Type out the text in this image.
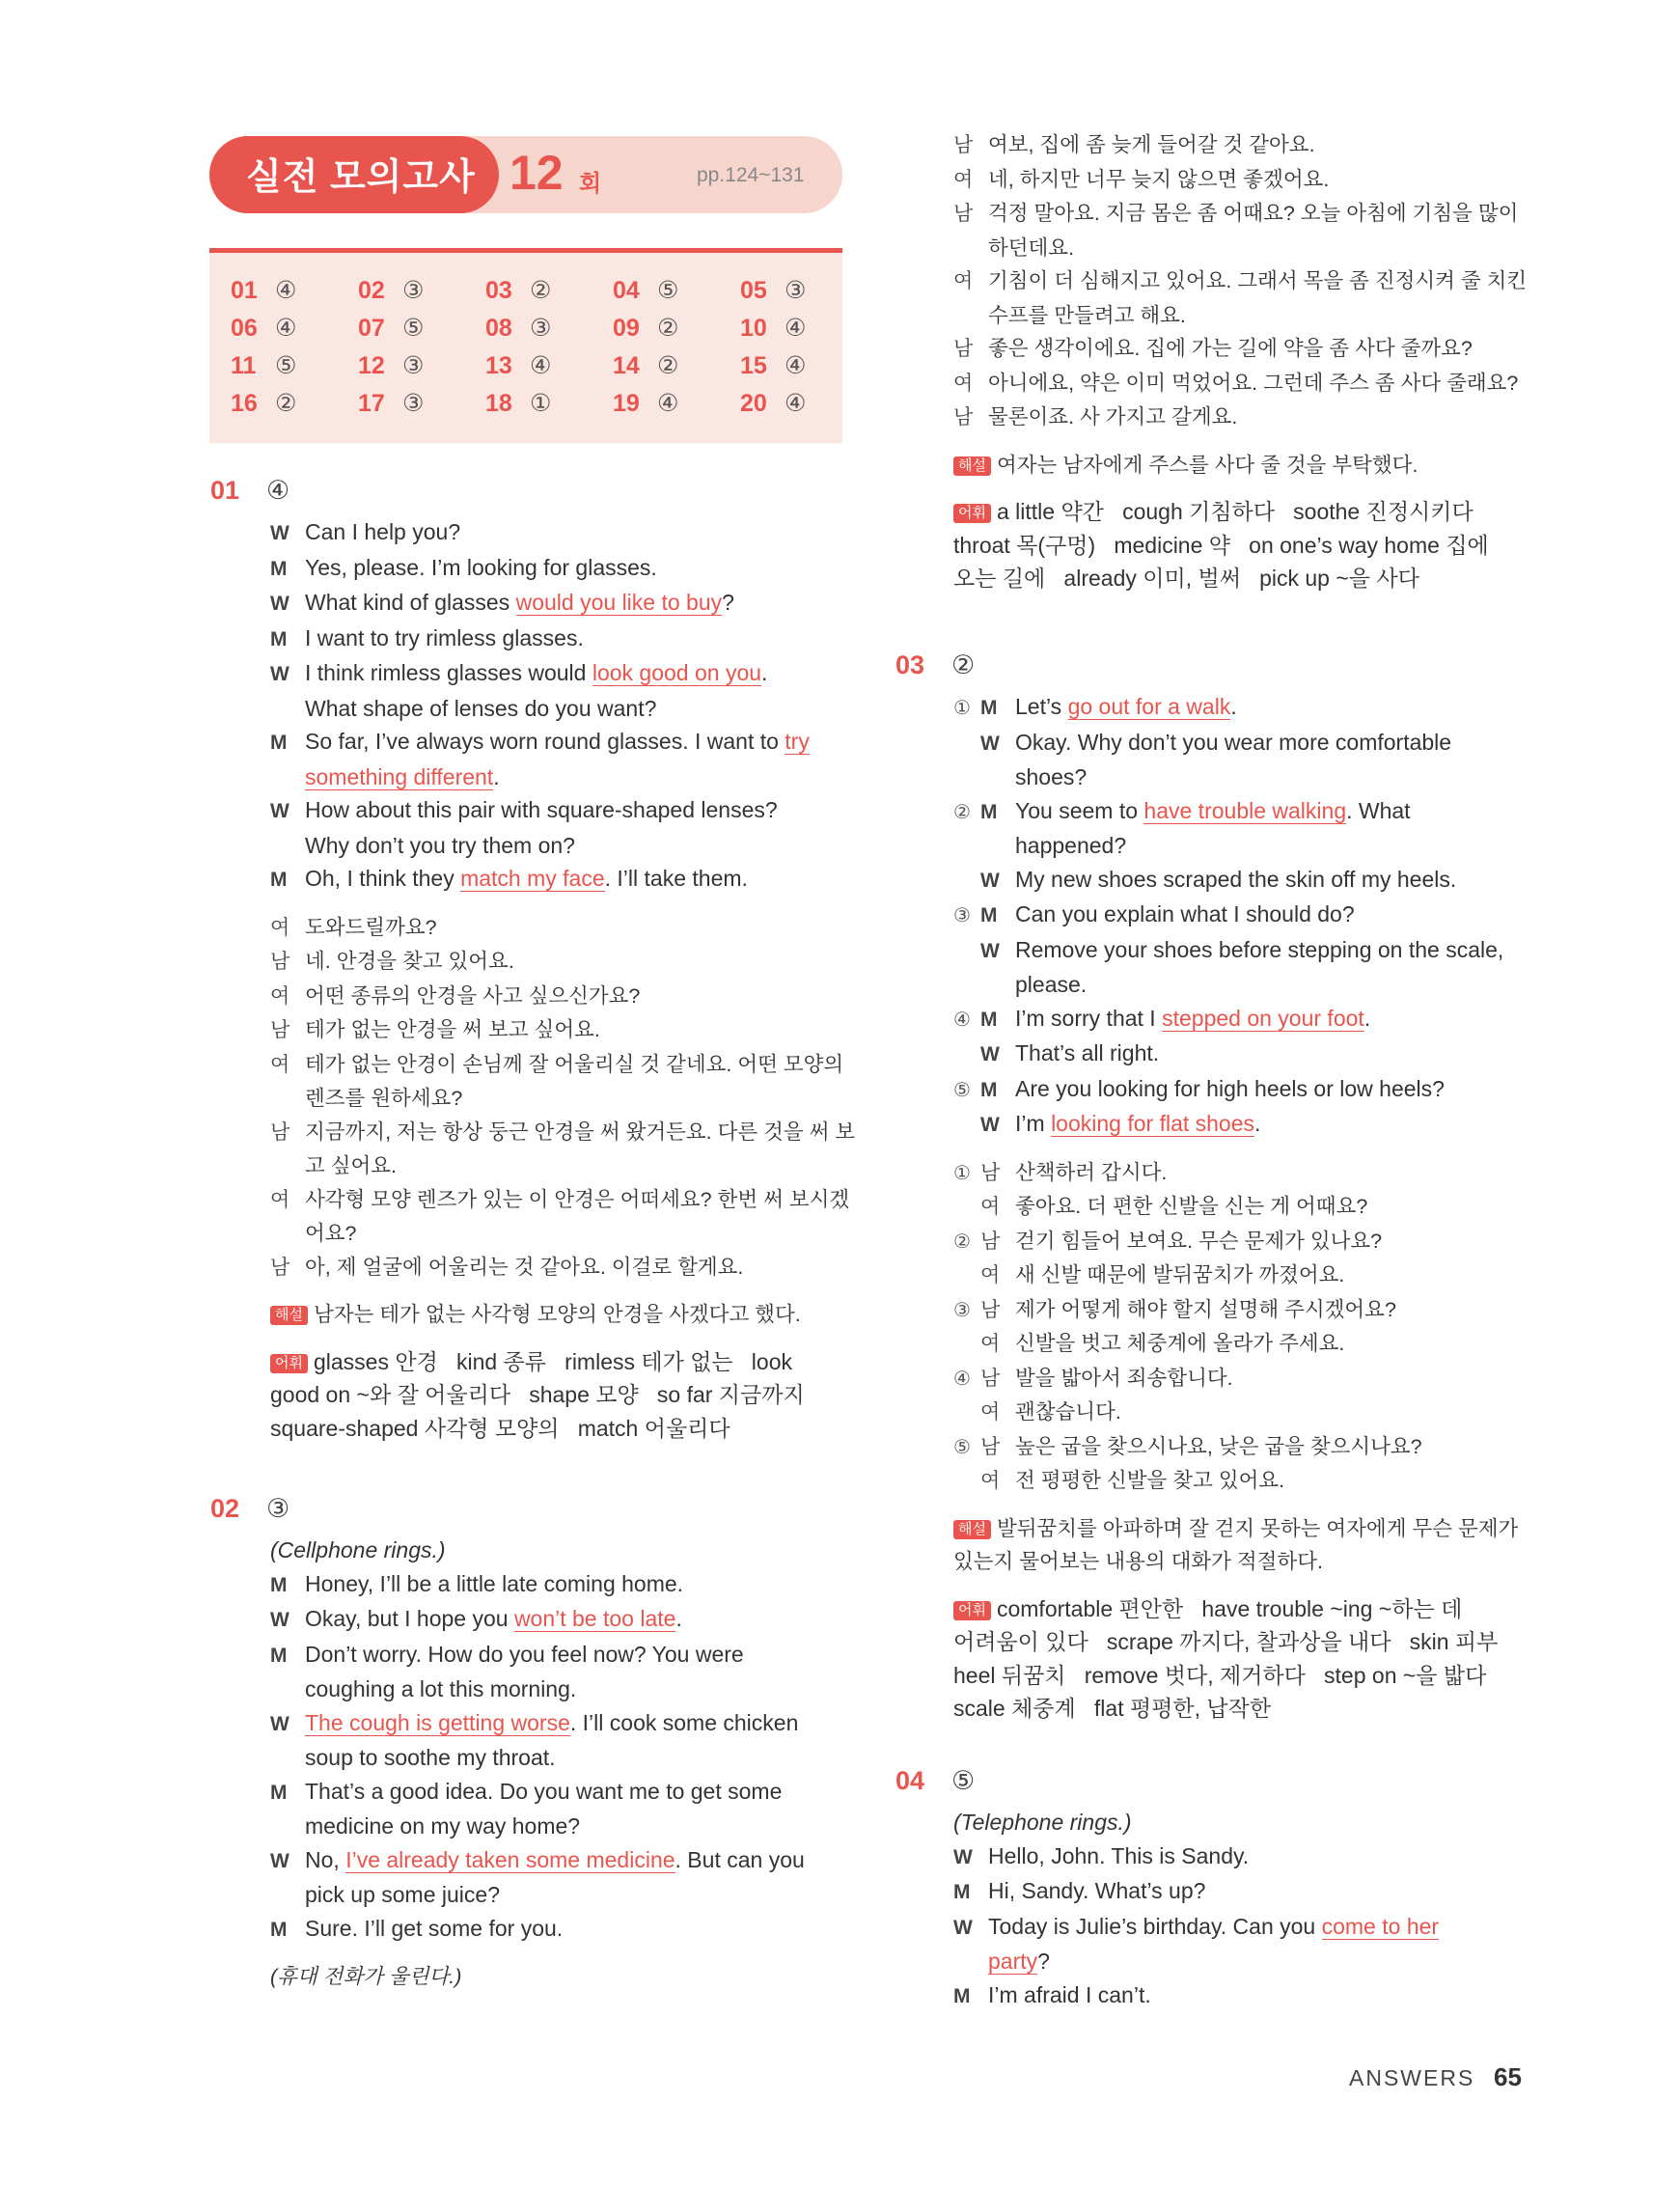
실전 모의고사 12 회	pp.124~131
01 ④	02 ③	03 ②	04 ⑤	05 ③
06 ④	07 ⑤	08 ③	09 ②	10 ④
11 ⑤	12 ③	13 ④	14 ②	15 ④
16 ②	17 ③	18 ①	19 ④	20 ④
01 ④
W Can I help you?
M Yes, please. I’m looking for glasses.
W What kind of glasses would you like to buy?
M I want to try rimless glasses.
W I think rimless glasses would look good on you.
What shape of lenses do you want?
M So far, I’ve always worn round glasses. I want to try
something different.
W How about this pair with square-shaped lenses?
Why don’t you try them on?
M Oh, I think they match my face. I’ll take them.
여 도와드릴까요?
남 네. 안경을 찾고 있어요.
여 어떤 종류의 안경을 사고 싶으신가요?
남 테가 없는 안경을 써 보고 싶어요.
여 테가 없는 안경이 손님께 잘 어울리실 것 같네요. 어떤 모양의
렌즈를 원하세요?
남 지금까지, 저는 항상 둥근 안경을 써 왔거든요. 다른 것을 써 보
고 싶어요.
여 사각형 모양 렌즈가 있는 이 안경은 어떠세요? 한번 써 보시겠
어요?
남 아, 제 얼굴에 어울리는 것 같아요. 이걸로 할게요.
해설 남자는 테가 없는 사각형 모양의 안경을 사겠다고 했다.
어휘 glasses 안경   kind 종류   rimless 테가 없는   look
good on ~와 잘 어울리다   shape 모양   so far 지금까지
square-shaped 사각형 모양의   match 어울리다
02 ③
(Cellphone rings.)
M Honey, I’ll be a little late coming home.
W Okay, but I hope you won’t be too late.
M Don’t worry. How do you feel now? You were
coughing a lot this morning.
W The cough is getting worse. I’ll cook some chicken
soup to soothe my throat.
M That’s a good idea. Do you want me to get some
medicine on my way home?
W No, I’ve already taken some medicine. But can you
pick up some juice?
M Sure. I’ll get some for you.
(휴대 전화가 울린다.)
남 여보, 집에 좀 늦게 들어갈 것 같아요.
여 네, 하지만 너무 늦지 않으면 좋겠어요.
남 걱정 말아요. 지금 몸은 좀 어때요? 오늘 아침에 기침을 많이
하던데요.
여 기침이 더 심해지고 있어요. 그래서 목을 좀 진정시켜 줄 치킨
수프를 만들려고 해요.
남 좋은 생각이에요. 집에 가는 길에 약을 좀 사다 줄까요?
여 아니에요, 약은 이미 먹었어요. 그런데 주스 좀 사다 줄래요?
남 물론이죠. 사 가지고 갈게요.
해설 여자는 남자에게 주스를 사다 줄 것을 부탁했다.
어휘 a little 약간   cough 기침하다   soothe 진정시키다
throat 목(구멍)   medicine 약   on one’s way home 집에
오는 길에   already 이미, 벌써   pick up ~을 사다
03 ②
① M Let’s go out for a walk.
W Okay. Why don’t you wear more comfortable
shoes?
② M You seem to have trouble walking. What
happened?
W My new shoes scraped the skin off my heels.
③ M Can you explain what I should do?
W Remove your shoes before stepping on the scale,
please.
④ M I’m sorry that I stepped on your foot.
W That’s all right.
⑤ M Are you looking for high heels or low heels?
W I’m looking for flat shoes.
① 남 산책하러 갑시다.
여 좋아요. 더 편한 신발을 신는 게 어때요?
② 남 걷기 힘들어 보여요. 무슨 문제가 있나요?
여 새 신발 때문에 발뒤꿈치가 까졌어요.
③ 남 제가 어떻게 해야 할지 설명해 주시겠어요?
여 신발을 벗고 체중계에 올라가 주세요.
④ 남 발을 밟아서 죄송합니다.
여 괜찮습니다.
⑤ 남 높은 굽을 찾으시나요, 낮은 굽을 찾으시나요?
여 전 평평한 신발을 찾고 있어요.
해설 발뒤꿈치를 아파하며 잘 걷지 못하는 여자에게 무슨 문제가
있는지 물어보는 내용의 대화가 적절하다.
어휘 comfortable 편안한   have trouble ~ing ~하는 데
어려움이 있다   scrape 까지다, 찰과상을 내다   skin 피부
heel 뒤꿈치   remove 벗다, 제거하다   step on ~을 밟다
scale 체중계   flat 평평한, 납작한
04 ⑤
(Telephone rings.)
W Hello, John. This is Sandy.
M Hi, Sandy. What’s up?
W Today is Julie’s birthday. Can you come to her
party?
M I’m afraid I can’t.
ANSWERS 65
